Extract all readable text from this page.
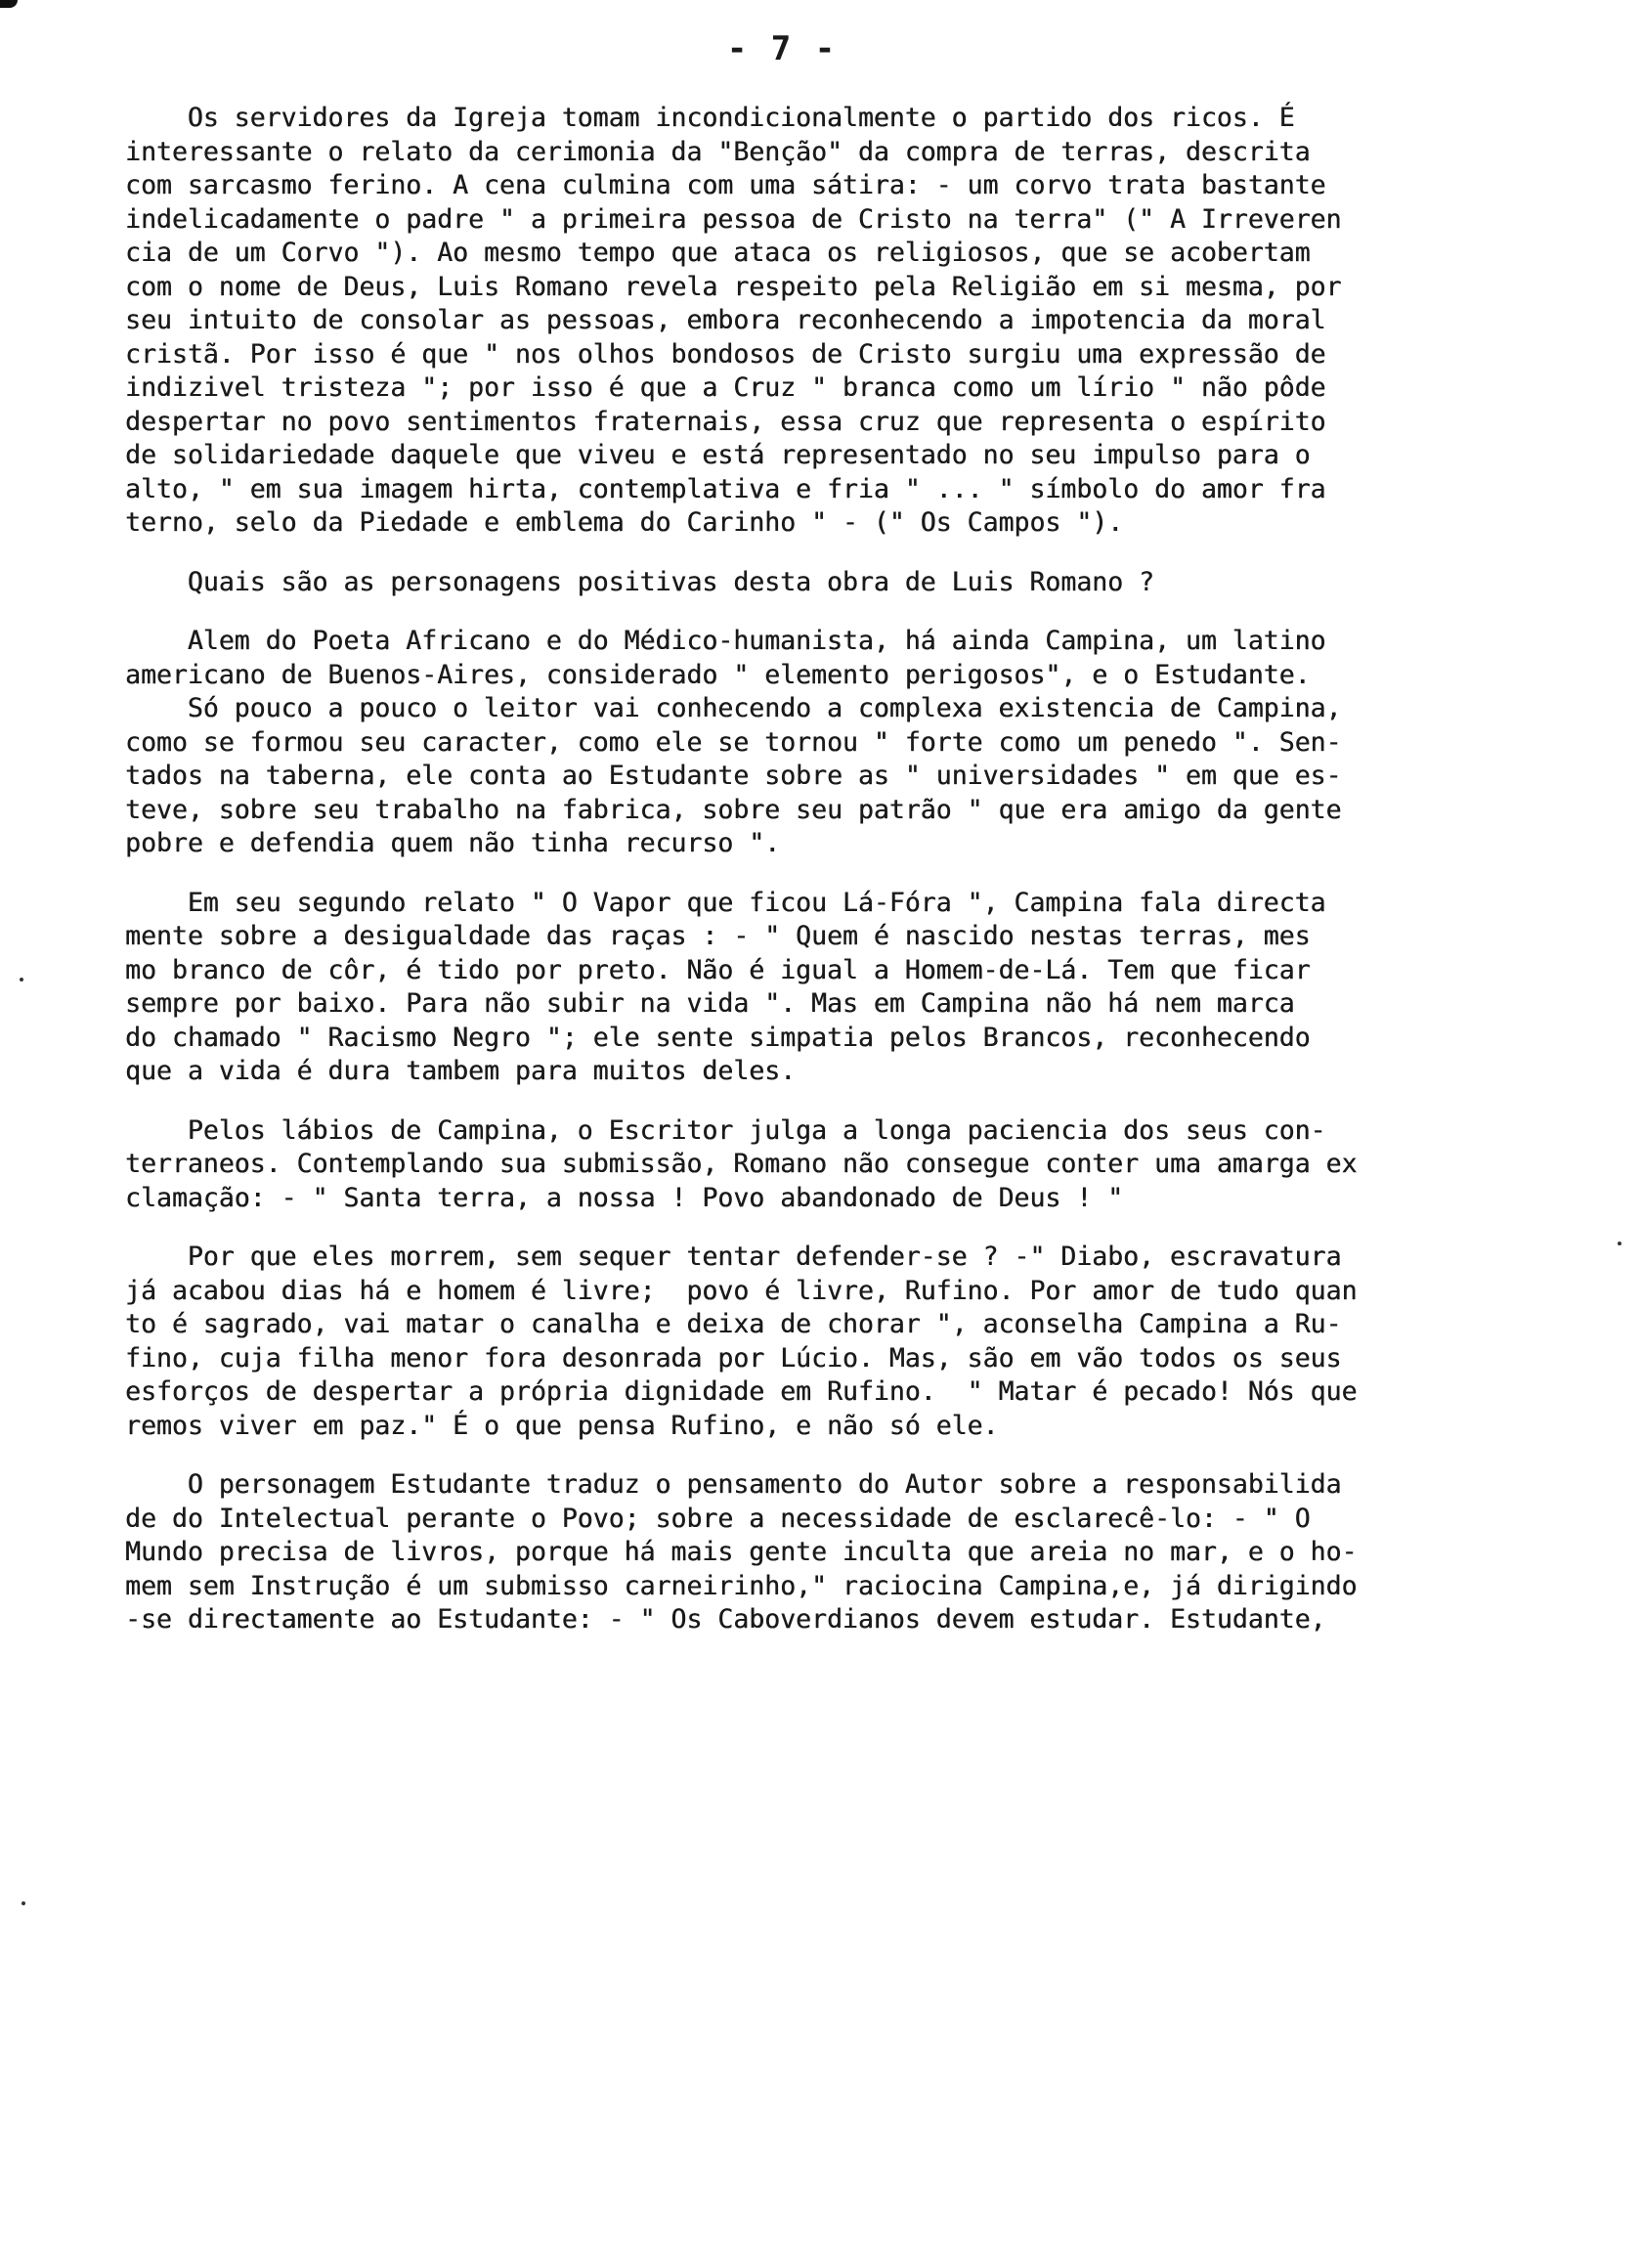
- 7 -
Os servidores da Igreja tomam incondicionalmente o partido dos ricos. É
interessante o relato da cerimonia da "Benção" da compra de terras, descrita
com sarcasmo ferino. A cena culmina com uma sátira: - um corvo trata bastante
indelicadamente o padre " a primeira pessoa de Cristo na terra" (" A Irreveren
cia de um Corvo "). Ao mesmo tempo que ataca os religiosos, que se acobertam
com o nome de Deus, Luis Romano revela respeito pela Religião em si mesma, por
seu intuito de consolar as pessoas, embora reconhecendo a impotencia da moral
cristã. Por isso é que " nos olhos bondosos de Cristo surgiu uma expressão de
indizivel tristeza "; por isso é que a Cruz " branca como um lírio " não pôde
despertar no povo sentimentos fraternais, essa cruz que representa o espírito
de solidariedade daquele que viveu e está representado no seu impulso para o
alto, " em sua imagem hirta, contemplativa e fria " ... " símbolo do amor fra
terno, selo da Piedade e emblema do Carinho " - (" Os Campos ").
Quais são as personagens positivas desta obra de Luis Romano ?
Alem do Poeta Africano e do Médico-humanista, há ainda Campina, um latino
americano de Buenos-Aires, considerado " elemento perigosos", e o Estudante.
Só pouco a pouco o leitor vai conhecendo a complexa existencia de Campina,
como se formou seu caracter, como ele se tornou " forte como um penedo ". Sen-
tados na taberna, ele conta ao Estudante sobre as " universidades " em que es-
teve, sobre seu trabalho na fabrica, sobre seu patrão " que era amigo da gente
pobre e defendia quem não tinha recurso ".
Em seu segundo relato " O Vapor que ficou Lá-Fóra ", Campina fala directa
mente sobre a desigualdade das raças : - " Quem é nascido nestas terras, mes
mo branco de côr, é tido por preto. Não é igual a Homem-de-Lá. Tem que ficar
sempre por baixo. Para não subir na vida ". Mas em Campina não há nem marca
do chamado " Racismo Negro "; ele sente simpatia pelos Brancos, reconhecendo
que a vida é dura tambem para muitos deles.
Pelos lábios de Campina, o Escritor julga a longa paciencia dos seus con-
terraneos. Contemplando sua submissão, Romano não consegue conter uma amarga ex
clamação: - " Santa terra, a nossa ! Povo abandonado de Deus ! "
Por que eles morrem, sem sequer tentar defender-se ? -" Diabo, escravatura
já acabou dias há e homem é livre;  povo é livre, Rufino. Por amor de tudo quan
to é sagrado, vai matar o canalha e deixa de chorar ", aconselha Campina a Ru-
fino, cuja filha menor fora desonrada por Lúcio. Mas, são em vão todos os seus
esforços de despertar a própria dignidade em Rufino.  " Matar é pecado! Nós que
remos viver em paz." É o que pensa Rufino, e não só ele.
O personagem Estudante traduz o pensamento do Autor sobre a responsabilida
de do Intelectual perante o Povo; sobre a necessidade de esclarecê-lo: - " O
Mundo precisa de livros, porque há mais gente inculta que areia no mar, e o ho-
mem sem Instrução é um submisso carneirinho," raciocina Campina,e, já dirigindo
-se directamente ao Estudante: - " Os Caboverdianos devem estudar. Estudante,
